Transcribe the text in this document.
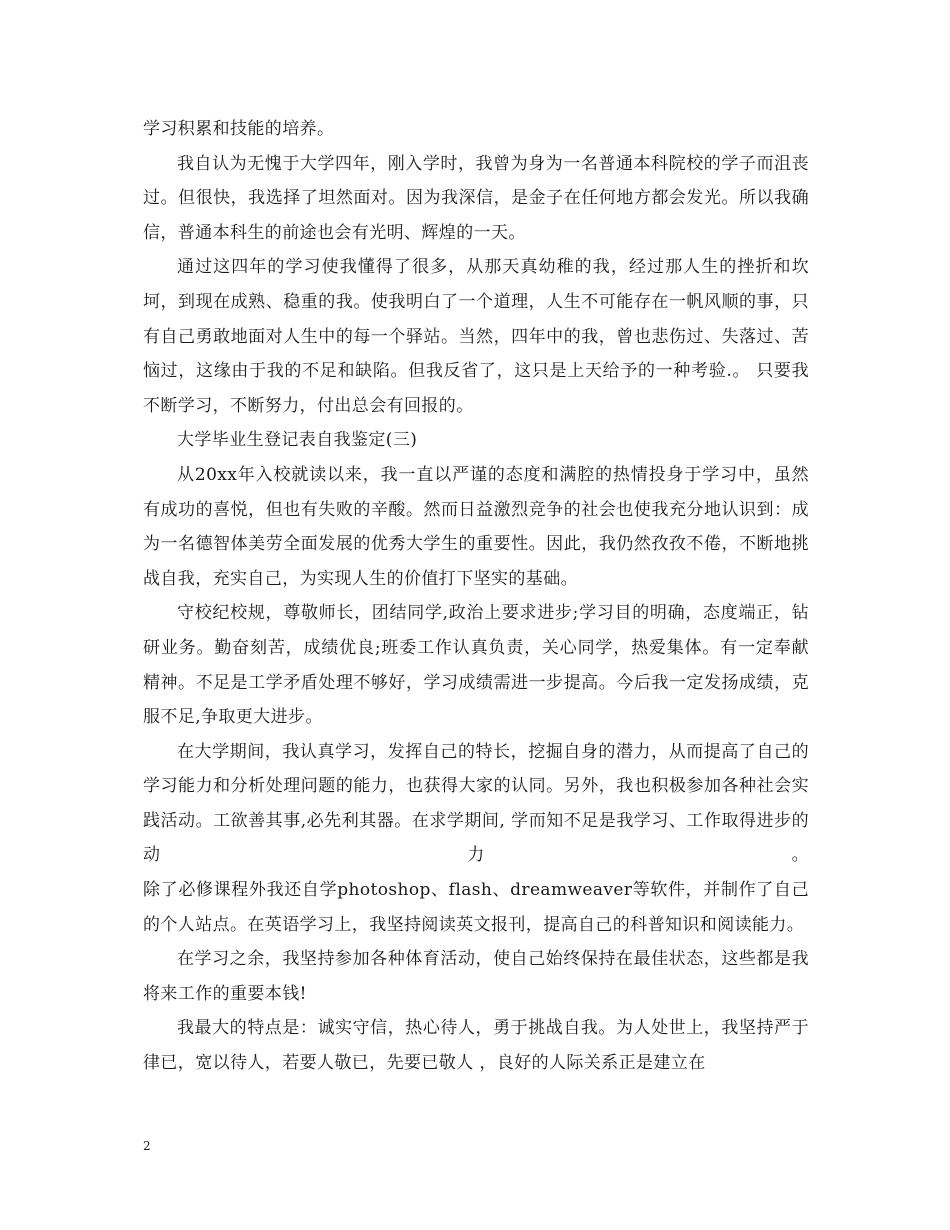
学习积累和技能的培养。

我自认为无愧于大学四年，刚入学时，我曾为身为一名普通本科院校的学子而沮丧过。但很快，我选择了坦然面对。因为我深信，是金子在任何地方都会发光。所以我确信，普通本科生的前途也会有光明、辉煌的一天。

通过这四年的学习使我懂得了很多，从那天真幼稚的我，经过那人生的挫折和坎坷，到现在成熟、稳重的我。使我明白了一个道理，人生不可能存在一帆风顺的事，只有自己勇敢地面对人生中的每一个驿站。当然，四年中的我，曾也悲伤过、失落过、苦恼过，这缘由于我的不足和缺陷。但我反省了，这只是上天给予的一种考验.。 只要我不断学习，不断努力，付出总会有回报的。

大学毕业生登记表自我鉴定(三)

从20xx年入校就读以来，我一直以严谨的态度和满腔的热情投身于学习中，虽然有成功的喜悦，但也有失败的辛酸。然而日益激烈竞争的社会也使我充分地认识到：成为一名德智体美劳全面发展的优秀大学生的重要性。因此，我仍然孜孜不倦，不断地挑战自我，充实自己，为实现人生的价值打下坚实的基础。

守校纪校规，尊敬师长，团结同学,政治上要求进步;学习目的明确，态度端正，钻研业务。勤奋刻苦，成绩优良;班委工作认真负责，关心同学，热爱集体。有一定奉献精神。不足是工学矛盾处理不够好，学习成绩需进一步提高。今后我一定发扬成绩，克服不足,争取更大进步。

在大学期间，我认真学习，发挥自己的特长，挖掘自身的潜力，从而提高了自己的学习能力和分析处理问题的能力，也获得大家的认同。另外，我也积极参加各种社会实践活动。工欲善其事,必先利其器。在求学期间, 学而知不足是我学习、工作取得进步的动力。

除了必修课程外我还自学photoshop、flash、dreamweaver等软件，并制作了自己的个人站点。在英语学习上，我坚持阅读英文报刊，提高自己的科普知识和阅读能力。

在学习之余，我坚持参加各种体育活动，使自己始终保持在最佳状态，这些都是我将来工作的重要本钱!

我最大的特点是：诚实守信，热心待人，勇于挑战自我。为人处世上，我坚持严于律已，宽以待人，若要人敬已，先要已敬人 ，良好的人际关系正是建立在

2
